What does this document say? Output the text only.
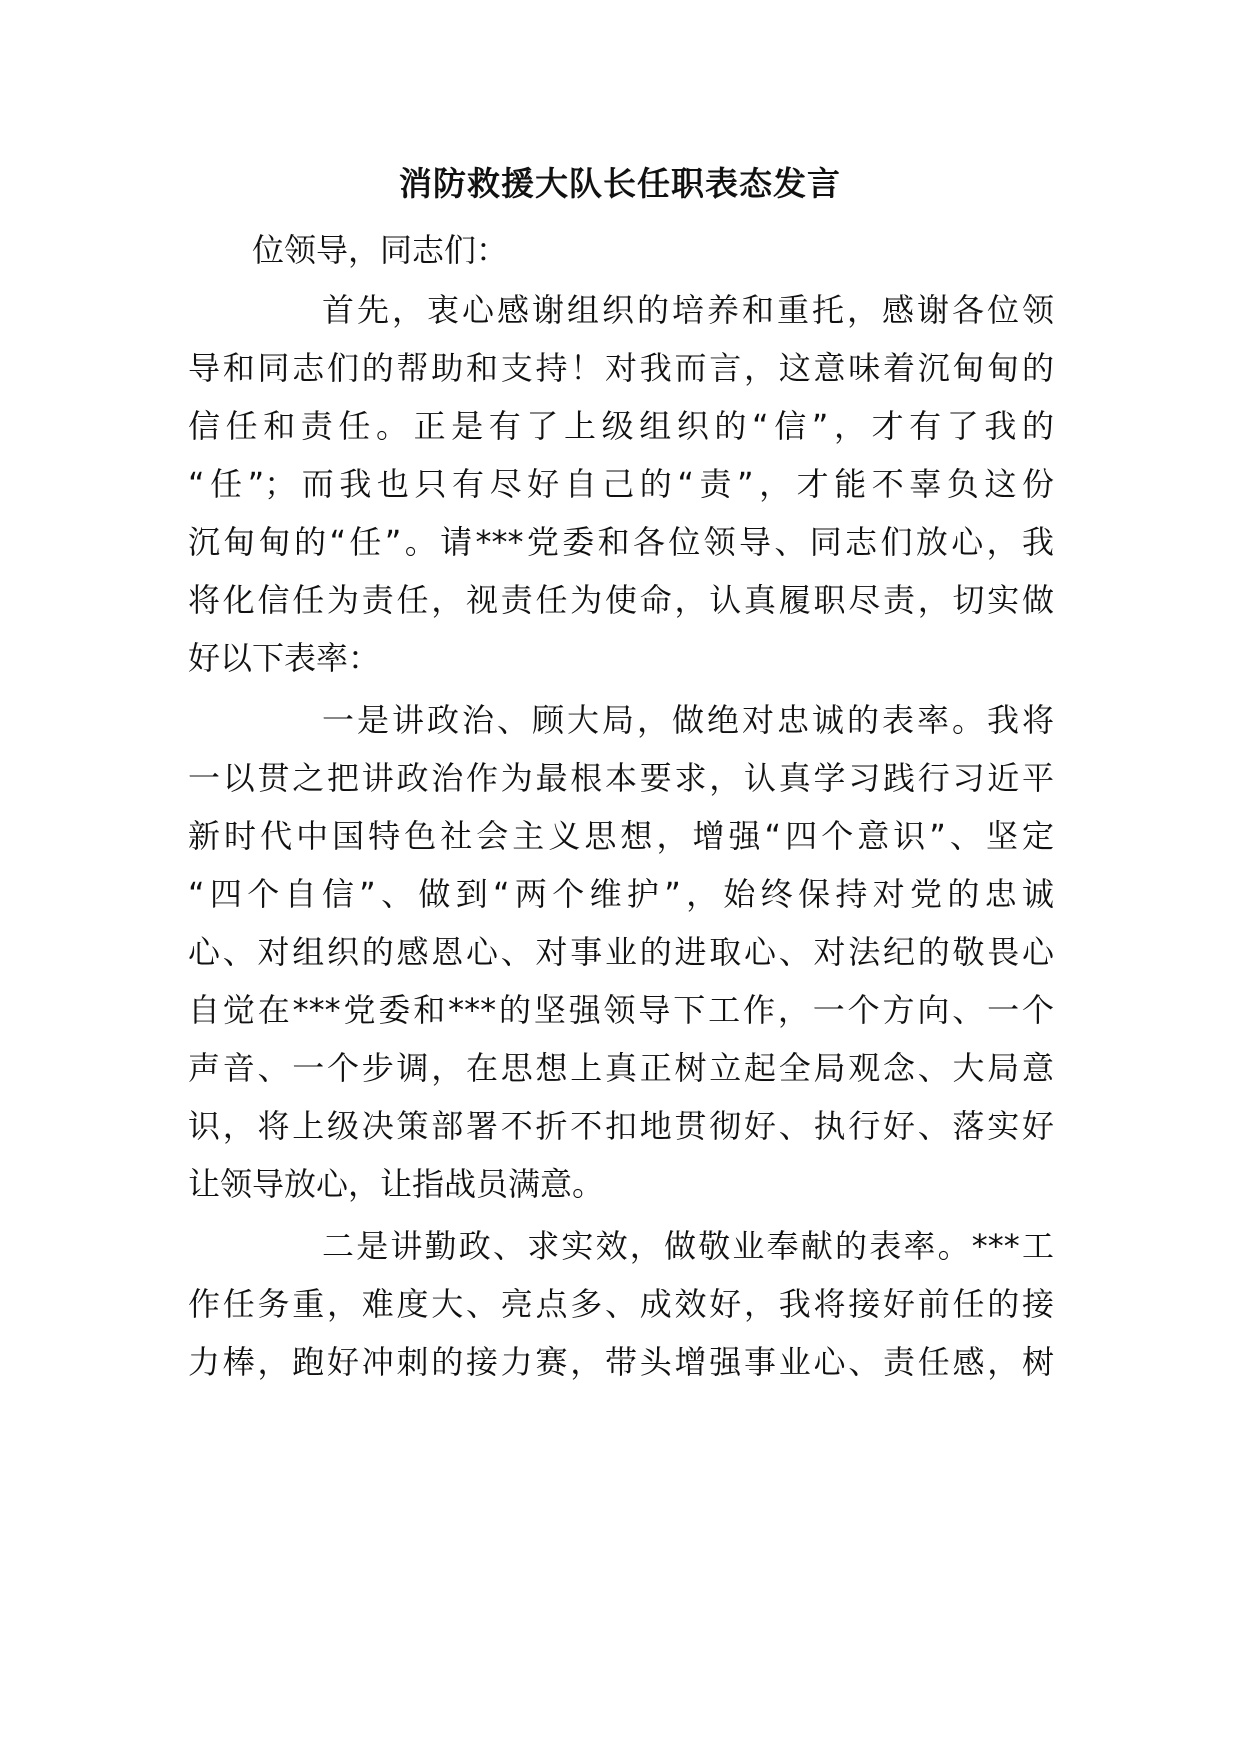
消防救援大队长任职表态发言
位领导，同志们：
首先，衷心感谢组织的培养和重托，感谢各位领
导和同志们的帮助和支持！对我而言，这意味着沉甸甸的
信任和责任。正是有了上级组织的“信”，才有了我的
“任”；而我也只有尽好自己的“责”，才能不辜负这份
沉甸甸的“任”。请***党委和各位领导、同志们放心，我
将化信任为责任，视责任为使命，认真履职尽责，切实做
好以下表率：
一是讲政治、顾大局，做绝对忠诚的表率。我将
一以贯之把讲政治作为最根本要求，认真学习践行习近平
新时代中国特色社会主义思想，增强“四个意识”、坚定
“四个自信”、做到“两个维护”，始终保持对党的忠诚
心、对组织的感恩心、对事业的进取心、对法纪的敬畏心
自觉在***党委和***的坚强领导下工作，一个方向、一个
声音、一个步调，在思想上真正树立起全局观念、大局意
识，将上级决策部署不折不扣地贯彻好、执行好、落实好
让领导放心，让指战员满意。
二是讲勤政、求实效，做敬业奉献的表率。***工
作任务重，难度大、亮点多、成效好，我将接好前任的接
力棒，跑好冲刺的接力赛，带头增强事业心、责任感，树
